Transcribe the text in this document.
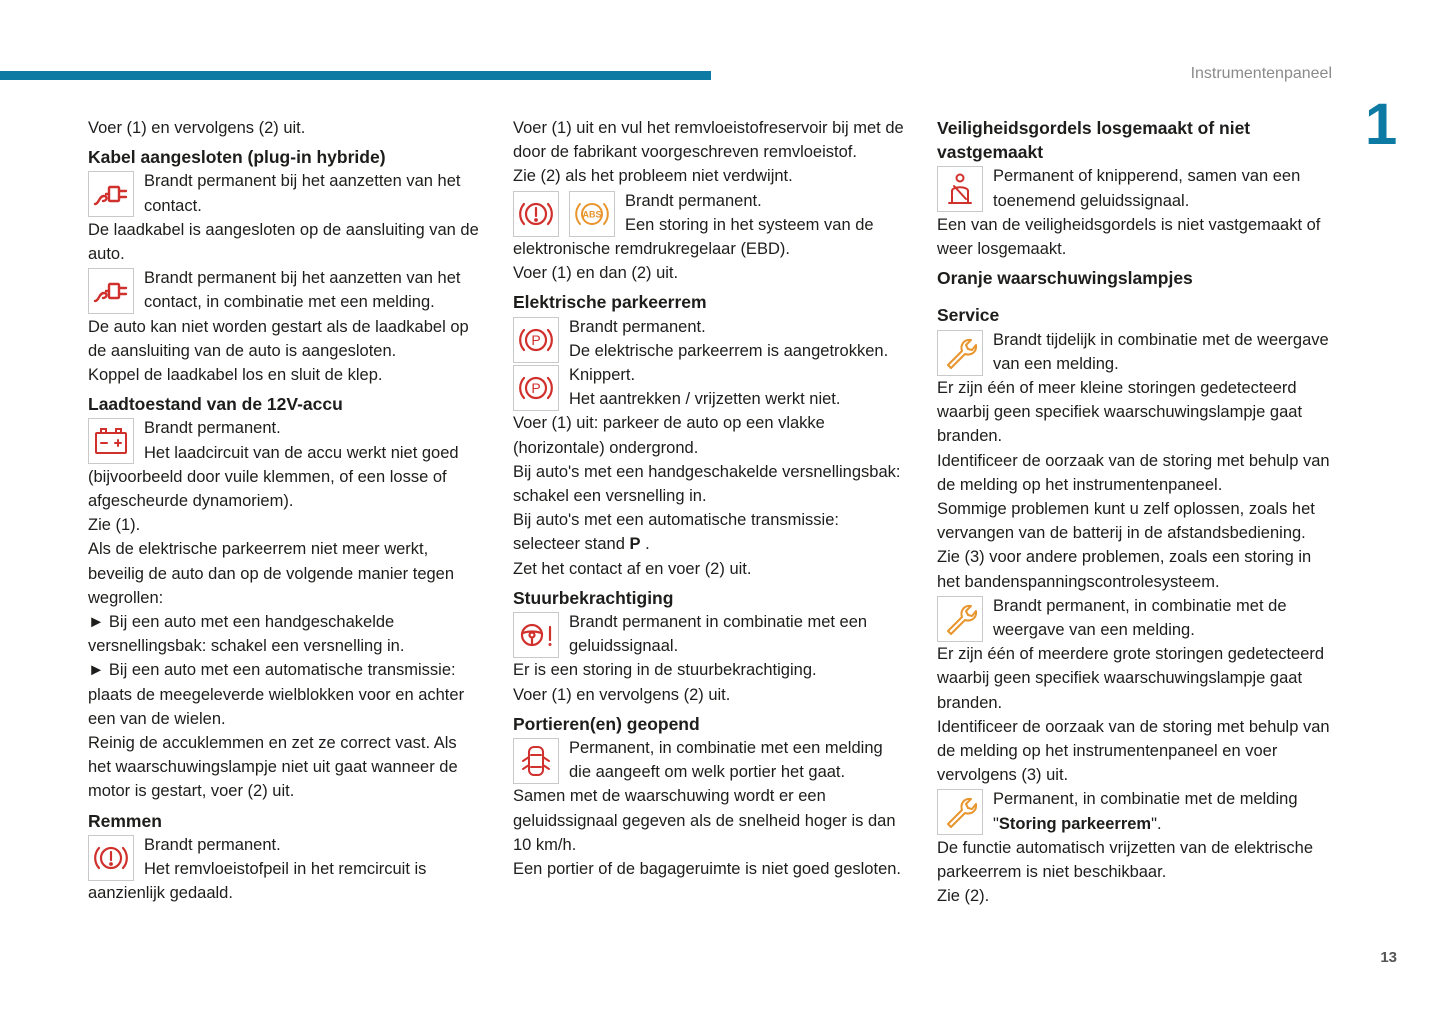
Instrumentenpaneel
1

Voer (1) en vervolgens (2) uit.

Kabel aangesloten (plug-in hybride)

Brandt permanent bij het aanzetten van het contact.

De laadkabel is aangesloten op de aansluiting van de auto.

Brandt permanent bij het aanzetten van het contact, in combinatie met een melding.

De auto kan niet worden gestart als de laadkabel op de aansluiting van de auto is aangesloten.

Koppel de laadkabel los en sluit de klep.

Laadtoestand van de 12V-accu

Brandt permanent.

Het laadcircuit van de accu werkt niet goed (bijvoorbeeld door vuile klemmen, of een losse of afgescheurde dynamoriem).

Zie (1).

Als de elektrische parkeerrem niet meer werkt, beveilig de auto dan op de volgende manier tegen wegrollen:

► Bij een auto met een handgeschakelde versnellingsbak: schakel een versnelling in.

► Bij een auto met een automatische transmissie: plaats de meegeleverde wielblokken voor en achter een van de wielen.

Reinig de accuklemmen en zet ze correct vast. Als het waarschuwingslampje niet uit gaat wanneer de motor is gestart, voer (2) uit.

Remmen

Brandt permanent.

Het remvloeistofpeil in het remcircuit is aanzienlijk gedaald.

Voer (1) uit en vul het remvloeistofreservoir bij met de door de fabrikant voorgeschreven remvloeistof.

Zie (2) als het probleem niet verdwijnt.

ABS

Brandt permanent.

Een storing in het systeem van de elektronische remdrukregelaar (EBD).

Voer (1) en dan (2) uit.

Elektrische parkeerrem
P

Brandt permanent.

De elektrische parkeerrem is aangetrokken.

P

Knippert.

Het aantrekken / vrijzetten werkt niet.

Voer (1) uit: parkeer de auto op een vlakke (horizontale) ondergrond.

Bij auto's met een handgeschakelde versnellingsbak: schakel een versnelling in.

Bij auto's met een automatische transmissie: selecteer stand P .

Zet het contact af en voer (2) uit.

Stuurbekrachtiging

Brandt permanent in combinatie met een geluidssignaal.

Er is een storing in de stuurbekrachtiging.

Voer (1) en vervolgens (2) uit.

Portieren(en) geopend

Permanent, in combinatie met een melding die aangeeft om welk portier het gaat.

Samen met de waarschuwing wordt er een geluidssignaal gegeven als de snelheid hoger is dan 10 km/h.

Een portier of de bagageruimte is niet goed gesloten.

Veiligheidsgordels losgemaakt of niet vastgemaakt

Permanent of knipperend, samen van een toenemend geluidssignaal.

Een van de veiligheidsgordels is niet vastgemaakt of weer losgemaakt.

Oranje waarschuwingslampjes
Service

Brandt tijdelijk in combinatie met de weergave van een melding.

Er zijn één of meer kleine storingen gedetecteerd waarbij geen specifiek waarschuwingslampje gaat branden.

Identificeer de oorzaak van de storing met behulp van de melding op het instrumentenpaneel.

Sommige problemen kunt u zelf oplossen, zoals het vervangen van de batterij in de afstandsbediening.

Zie (3) voor andere problemen, zoals een storing in het bandenspanningscontrolesysteem.

Brandt permanent, in combinatie met de weergave van een melding.

Er zijn één of meerdere grote storingen gedetecteerd waarbij geen specifiek waarschuwingslampje gaat branden.

Identificeer de oorzaak van de storing met behulp van de melding op het instrumentenpaneel en voer vervolgens (3) uit.

Permanent, in combinatie met de melding "Storing parkeerrem".

De functie automatisch vrijzetten van de elektrische parkeerrem is niet beschikbaar.

Zie (2).

13
